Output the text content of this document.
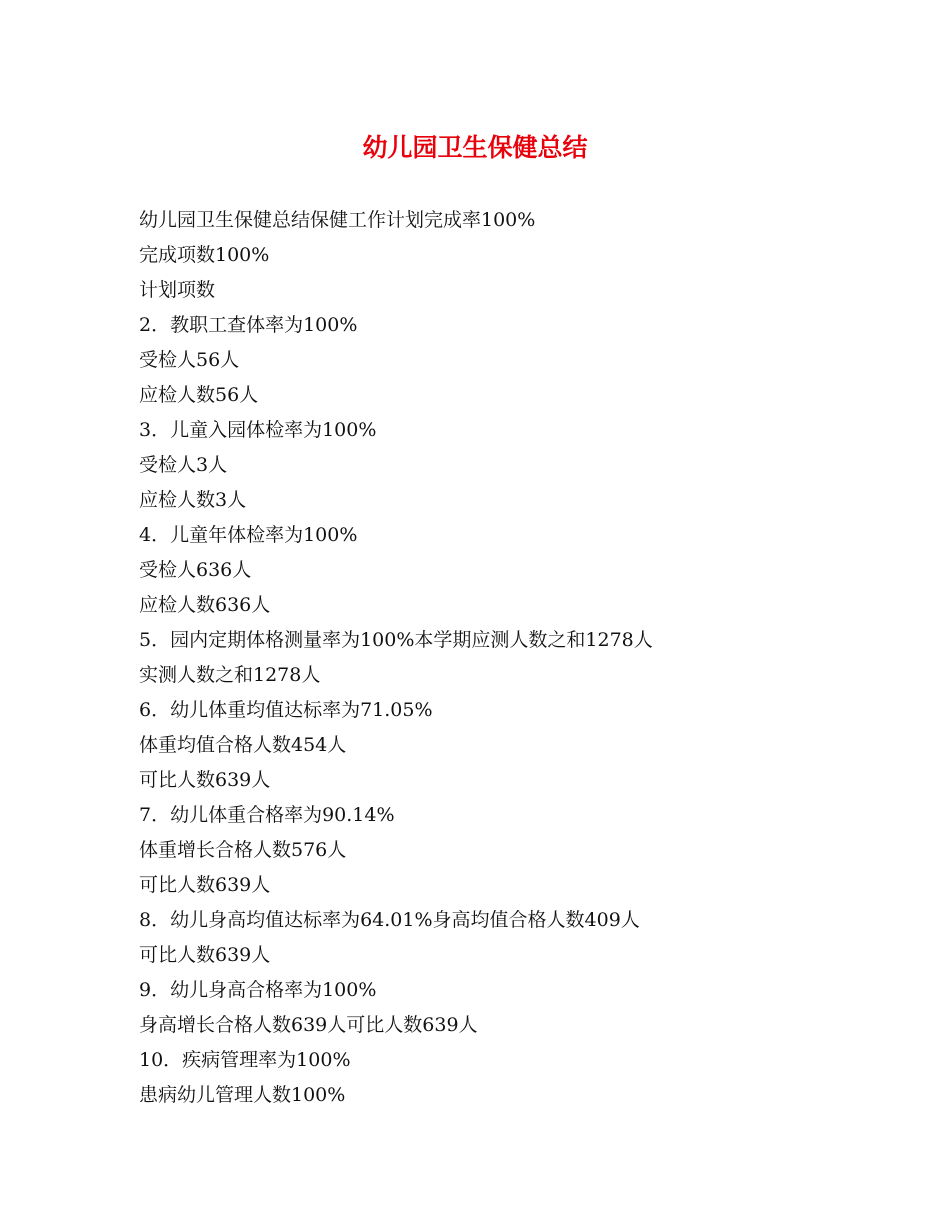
幼儿园卫生保健总结
幼儿园卫生保健总结保健工作计划完成率100%
完成项数100%
计划项数
2．教职工查体率为100%
受检人56人
应检人数56人
3．儿童入园体检率为100%
受检人3人
应检人数3人
4．儿童年体检率为100%
受检人636人
应检人数636人
5．园内定期体格测量率为100%本学期应测人数之和1278人
实测人数之和1278人
6．幼儿体重均值达标率为71.05%
体重均值合格人数454人
可比人数639人
7．幼儿体重合格率为90.14%
体重增长合格人数576人
可比人数639人
8．幼儿身高均值达标率为64.01%身高均值合格人数409人
可比人数639人
9．幼儿身高合格率为100%
身高增长合格人数639人可比人数639人
10．疾病管理率为100%
患病幼儿管理人数100%
